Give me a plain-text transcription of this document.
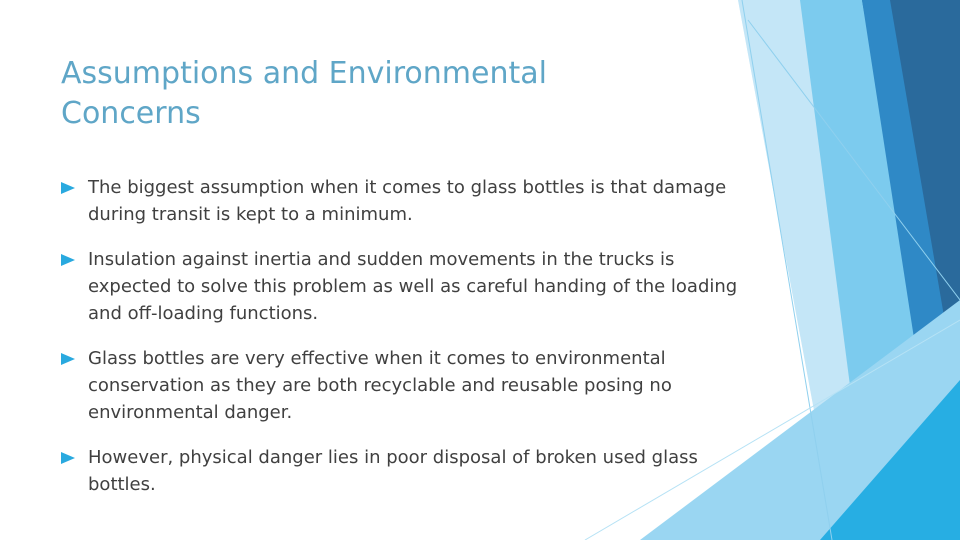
Assumptions and Environmental
Concerns
The biggest assumption when it comes to glass bottles is that damage during transit is kept to a minimum.
Insulation against inertia and sudden movements in the trucks is expected to solve this problem as well as careful handing of the loading and off-loading functions.
Glass bottles are very effective when it comes to environmental conservation as they are both recyclable and reusable posing no environmental danger.
However, physical danger lies in poor disposal of broken used glass bottles.
